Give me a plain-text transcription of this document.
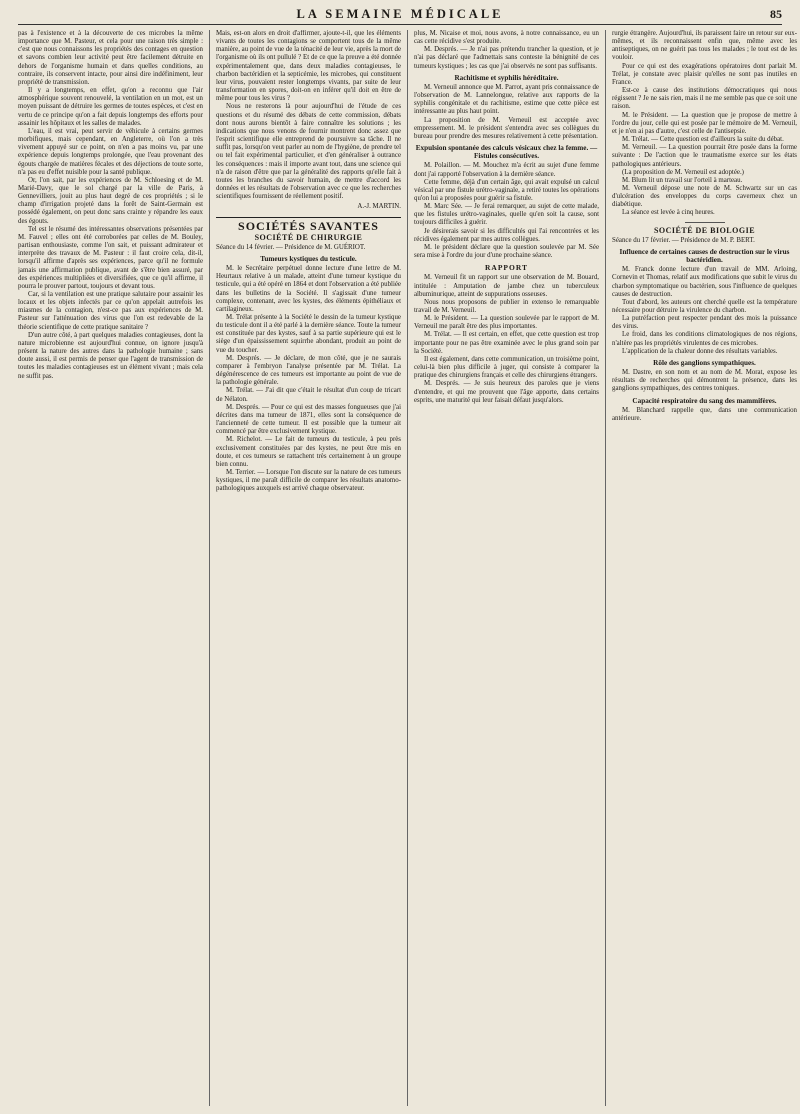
LA SEMAINE MÉDICALE	85

pas à l'existence et à la découverte de ces microbes la même importance que M. Pasteur, et cela pour une raison très simple : c'est que nous connaissons les propriétés des contages en question et savons combien leur activité peut être facilement détruite en dehors de l'organisme humain et dans quelles conditions, au contraire, ils conservent intacte, pour ainsi dire indéfiniment, leur propriété de transmission.

Il y a longtemps, en effet, qu'on a reconnu que l'air atmosphérique souvent renouvelé, la ventilation en un mot, est un moyen puissant de détruire les germes de toutes espèces, et c'est en vertu de ce principe qu'on a fait depuis longtemps des efforts pour assainir les hôpitaux et les salles de malades.

L'eau, il est vrai, peut servir de véhicule à certains germes morbifiques, mais cependant, en Angleterre, où l'on a très vivement appuyé sur ce point, on n'en a pas moins vu, par une expérience depuis longtemps prolongée, que l'eau provenant des égouts chargée de matières fécales et des déjections de toute sorte, n'a pas eu d'effet nuisible pour la santé publique.

Or, l'on sait, par les expériences de M. Schloesing et de M. Marié-Davy, que le sol chargé par la ville de Paris, à Gennevilliers, jouit au plus haut degré de ces propriétés ; si le champ d'irrigation projeté dans la forêt de Saint-Germain est possédé également, on peut donc sans crainte y répandre les eaux des égouts.

Tel est le résumé des intéressantes observations présentées par M. Fauvel ; elles ont été corroborées par celles de M. Bouley, partisan enthousiaste, comme l'on sait, et puissant admirateur et interprète des travaux de M. Pasteur : il faut croire cela, dit-il, lorsqu'il affirme d'après ses expériences, parce qu'il ne formule jamais une affirmation publique, avant de s'être bien assuré, par des expériences multipliées et diversifiées, que ce qu'il affirme, il pourra le prouver partout, toujours et devant tous.

Car, si la ventilation est une pratique salutaire pour assainir les locaux et les objets infectés par ce qu'on appelait autrefois les miasmes de la contagion, n'est-ce pas aux expériences de M. Pasteur sur l'atténuation des virus que l'on est redevable de la théorie scientifique de cette pratique sanitaire ?

D'un autre côté, à part quelques maladies contagieuses, dont la nature microbienne est aujourd'hui connue, on ignore jusqu'à présent la nature des autres dans la pathologie humaine ; sans doute aussi, il est permis de penser que l'agent de transmission de toutes les maladies contagieuses est un élément vivant ; mais cela ne suffit pas.

Mais, est-on alors en droit d'affirmer, ajoute-t-il, que les éléments vivants de toutes les contagions se comportent tous de la même manière, au point de vue de la ténacité de leur vie, après la mort de l'organisme où ils ont pullulé ? Et de ce que la preuve a été donnée expérimentalement que, dans deux maladies contagieuses, le charbon bactéridien et la septicémie, les microbes, qui constituent leur virus, pouvaient rester longtemps vivants, par suite de leur transformation en spores, doit-on en inférer qu'il doit en être de même pour tous les virus ?

Nous ne resterons là pour aujourd'hui de l'étude de ces questions et du résumé des débats de cette commission, débats dont nous aurons bientôt à faire connaître les solutions ; les indications que nous venons de fournir montrent donc assez que l'esprit scientifique elle entreprend de poursuivre sa tâche. Il ne suffit pas, lorsqu'on veut parler au nom de l'hygiène, de prendre tel ou tel fait expérimental particulier, et d'en généraliser à outrance les conséquences : mais il importe avant tout, dans une science qui n'a de raison d'être que par la généralité des rapports qu'elle fait à toutes les branches du savoir humain, de mettre d'accord les données et les résultats de l'observation avec ce que les recherches scientifiques fournissent de réellement positif.

A.-J. MARTIN.
SOCIÉTÉS SAVANTES
SOCIÉTÉ DE CHIRURGIE
Séance du 14 février. — Présidence de M. GUÉRIOT.
Tumeurs kystiques du testicule.

M. le Secrétaire perpétuel donne lecture d'une lettre de M. Heurtaux relative à un malade, atteint d'une tumeur kystique du testicule, qui a été opéré en 1864 et dont l'observation a été publiée dans les bulletins de la Société. Il s'agissait d'une tumeur complexe, contenant, avec les kystes, des éléments épithéliaux et cartilagineux.

M. Trélat présente à la Société le dessin de la tumeur kystique du testicule dont il a été parlé à la dernière séance. Toute la tumeur est constituée par des kystes, sauf à sa partie supérieure qui est le siège d'un épaississement squirrhe abondant, produit au point de vue du toucher.

M. Després. — Je déclare, de mon côté, que je ne saurais comparer à l'embryon l'analyse présentée par M. Trélat. La dégénérescence de ces tumeurs est importante au point de vue de la pathologie générale.

M. Trélat. — J'ai dit que c'était le résultat d'un coup de tricart de Nélaton.

M. Després. — Pour ce qui est des masses fongueuses que j'ai décrites dans ma tumeur de 1871, elles sont la conséquence de l'ancienneté de cette tumeur. Il est possible que la tumeur ait commencé par être exclusivement kystique.

M. Richelot. — Le fait de tumeurs du testicule, à peu près exclusivement constituées par des kystes, ne peut être mis en doute, et ces tumeurs se rattachent très certainement à un groupe bien connu.

M. Terrier. — Lorsque l'on discute sur la nature de ces tumeurs kystiques, il me paraît difficile de comparer les résultats anatomo-pathologiques auxquels est arrivé chaque observateur.

plus, M. Nicaise et moi, nous avons, à notre connaissance, eu un cas cette récidive s'est produite.

M. Després. — Je n'ai pas prétendu trancher la question, et je n'ai pas déclaré que l'admettais sans conteste la bénignité de ces tumeurs kystiques ; les cas que j'ai observés ne sont pas suffisants.

Rachitisme et syphilis héréditaire.

M. Verneuil annonce que M. Parrot, ayant pris connaissance de l'observation de M. Lannelongue, relative aux rapports de la syphilis congénitale et du rachitisme, estime que cette pièce est intéressante au plus haut point.

La proposition de M. Verneuil est acceptée avec empressement. M. le président s'entendra avec ses collègues du bureau pour prendre des mesures relativement à cette présentation.

Expulsion spontanée des calculs vésicaux chez la femme. — Fistules consécutives.

M. Polaillon. — M. Mouchez m'a écrit au sujet d'une femme dont j'ai rapporté l'observation à la dernière séance.

Cette femme, déjà d'un certain âge, qui avait expulsé un calcul vésical par une fistule urétro-vaginale, a retiré toutes les opérations qu'on lui a proposées pour guérir sa fistule.

M. Marc Sée. — Je ferai remarquer, au sujet de cette malade, que les fistules urétro-vaginales, quelle qu'en soit la cause, sont toujours difficiles à guérir.

Je désirerais savoir si les difficultés qui l'ai rencontrées et les récidives également par mes autres collègues.

M. le président déclare que la question soulevée par M. Sée sera mise à l'ordre du jour d'une prochaine séance.

RAPPORT

M. Verneuil fit un rapport sur une observation de M. Bouard, intitulée : Amputation de jambe chez un tuberculeux albuminurique, atteint de suppurations osseuses.

Nous nous proposons de publier in extenso le remarquable travail de M. Verneuil.

M. le Président. — La question soulevée par le rapport de M. Verneuil me paraît être des plus importantes.

M. Trélat. — Il est certain, en effet, que cette question est trop importante pour ne pas être examinée avec le plus grand soin par la Société.

Il est également, dans cette communication, un troisième point, celui-là bien plus difficile à juger, qui consiste à comparer la pratique des chirurgiens français et celle des chirurgiens étrangers.

M. Després. — Je suis heureux des paroles que je viens d'entendre, et qui me prouvent que l'âge apporte, dans certains esprits, une maturité qui leur faisait défaut jusqu'alors.

rurgie étrangère. Aujourd'hui, ils paraissent faire un retour sur eux-mêmes, et ils reconnaissent enfin que, même avec les antiseptiques, on ne guérit pas tous les malades ; le tout est de les vouloir.

Pour ce qui est des exagérations opératoires dont parlait M. Trélat, je constate avec plaisir qu'elles ne sont pas inutiles en France.

Est-ce à cause des institutions démocratiques qui nous régissent ? Je ne sais rien, mais il ne me semble pas que ce soit une raison.

M. le Président. — La question que je propose de mettre à l'ordre du jour, celle qui est posée par le mémoire de M. Verneuil, et je n'en ai pas d'autre, c'est celle de l'antisepsie.

M. Trélat. — Cette question est d'ailleurs la suite du débat.

M. Verneuil. — La question pourrait être posée dans la forme suivante : De l'action que le traumatisme exerce sur les états pathologiques antérieurs.

(La proposition de M. Verneuil est adoptée.)

M. Blum lit un travail sur l'orteil à marteau.

M. Verneuil dépose une note de M. Schwartz sur un cas d'ulcération des enveloppes du corps caverneux chez un diabétique.

La séance est levée à cinq heures.

SOCIÉTÉ DE BIOLOGIE
Séance du 17 février. — Présidence de M. P. BERT.
Influence de certaines causes de destruction sur le virus bactéridien.

M. Franck donne lecture d'un travail de MM. Arloing, Cornevin et Thomas, relatif aux modifications que subit le virus du charbon symptomatique ou bactérien, sous l'influence de quelques causes de destruction.

Tout d'abord, les auteurs ont cherché quelle est la température nécessaire pour détruire la virulence du charbon.

La putréfaction peut respecter pendant des mois la puissance des virus.

Le froid, dans les conditions climatologiques de nos régions, n'altère pas les propriétés virulentes de ces microbes.

L'application de la chaleur donne des résultats variables.

Rôle des ganglions sympathiques.

M. Dastre, en son nom et au nom de M. Morat, expose les résultats de recherches qui démontrent la présence, dans les ganglions sympathiques, des centres toniques.

Capacité respiratoire du sang des mammifères.

M. Blanchard rappelle que, dans une communication antérieure.
